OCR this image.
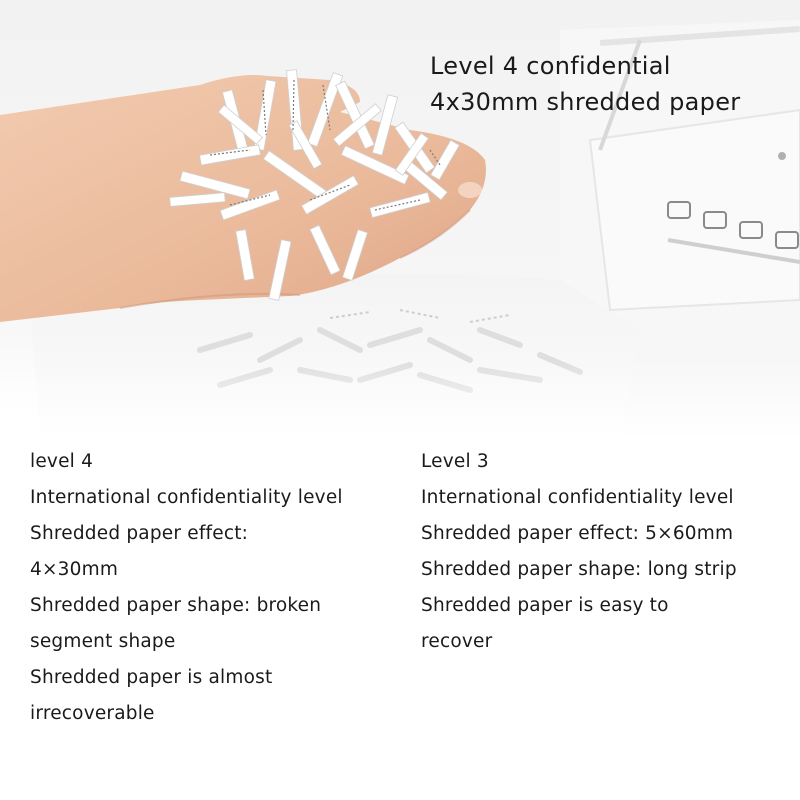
Level 4 confidential
4x30mm shredded paper
level 4
International confidentiality level
Shredded paper effect:
4×30mm
Shredded paper shape: broken
segment shape
Shredded paper is almost
irrecoverable
Level 3
International confidentiality level
Shredded paper effect: 5×60mm
Shredded paper shape: long strip
Shredded paper is easy to
recover
